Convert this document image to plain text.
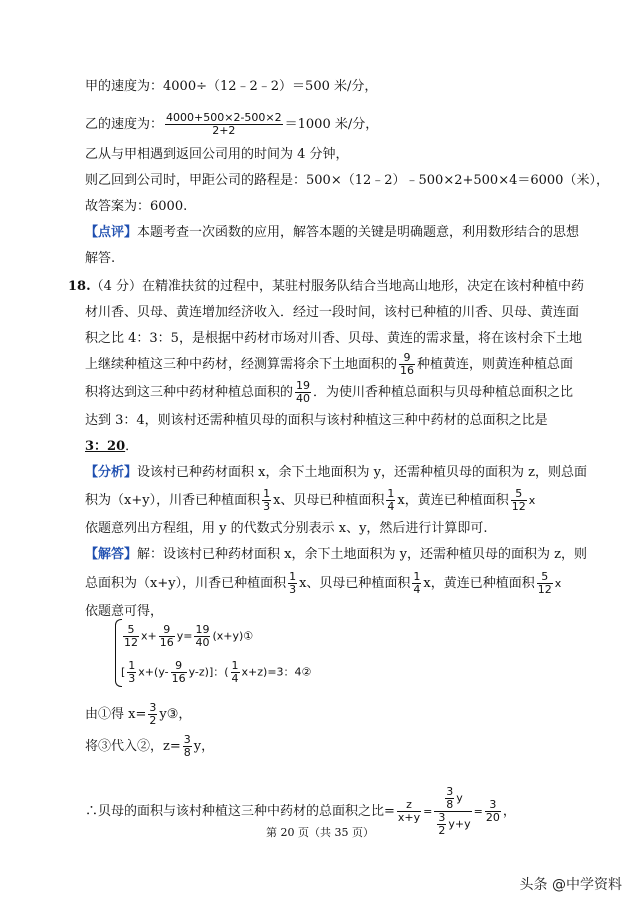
甲的速度为：4000÷（12﹣2﹣2）＝500 米/分，
乙的速度为： $\frac{4000+500\times 2-500\times 2}{2+2} =1000$ 米/分，
乙从与甲相遇到返回公司用的时间为 4 分钟，
则乙回到公司时，甲距公司的路程是：500×（12﹣2）﹣500×2+500×4＝6000（米），
故答案为：6000.
【点评】本题考查一次函数的应用，解答本题的关键是明确题意，利用数形结合的思想
解答.
18.（4 分）在精准扶贫的过程中，某驻村服务队结合当地高山地形，决定在该村种植中药
材川香、贝母、黄连增加经济收入．经过一段时间，该村已种植的川香、贝母、黄连面
积之比 4：3：5，是根据中药材市场对川香、贝母、黄连的需求量，将在该村余下土地
上继续种植这三种中药材，经测算需将余下土地面积的 $\frac{9}{16}$ 种植黄连，则黄连种植总面
积将达到这三种中药材种植总面积的 $\frac{19}{40}$ ．为使川香种植总面积与贝母种植总面积之比
达到 3：4，则该村还需种植贝母的面积与该村种植这三种中药材的总面积之比是
3：20．
【分析】设该村已种药材面积 x，余下土地面积为 y，还需种植贝母的面积为 z，则总面
积为（x+y），川香已种植面积 $\frac{1}{3}$ x、贝母已种植面积 $\frac{1}{4}$ x，黄连已种植面积 $\frac{5}{12}$ x
依题意列出方程组，用 y 的代数式分别表示 x、y，然后进行计算即可.
【解答】解：设该村已种药材面积 x，余下土地面积为 y，还需种植贝母的面积为 z，则
总面积为（x+y），川香已种植面积 $\frac{1}{3}$ x、贝母已种植面积 $\frac{1}{4}$ x，黄连已种植面积 $\frac{5}{12}$ x
依题意可得，
$\frac{5}{12} x+ \frac{9}{16} y= \frac{19}{40}$ (x+y)①
[ $\frac{1}{3} x+(y- \frac{9}{16} y-z)$]：( $\frac{1}{4} x+z)=3$：4②
由①得 $x= \frac{3}{2}$ y③，
将③代入②，$z= \frac{3}{8}$ y，
∴贝母的面积与该村种植这三种中药材的总面积之比= $\frac{z}{x+y} = \frac{\frac{3}{8} y}{\frac{3}{2} y+y} = \frac{3}{20}$ ，
第 20 页（共 35 页）
头条 @中学资料
